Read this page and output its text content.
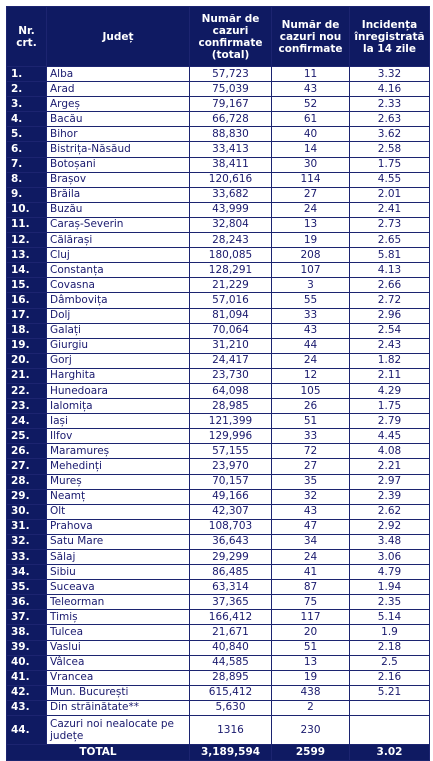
Nr. crt.	Județ	Număr de cazuri confirmate (total)	Număr de cazuri nou confirmate	Incidența înregistrată la 14 zile
1.	Alba	57,723	11	3.32
2.	Arad	75,039	43	4.16
3.	Argeș	79,167	52	2.33
4.	Bacău	66,728	61	2.63
5.	Bihor	88,830	40	3.62
6.	Bistrița-Năsăud	33,413	14	2.58
7.	Botoșani	38,411	30	1.75
8.	Brașov	120,616	114	4.55
9.	Brăila	33,682	27	2.01
10.	Buzău	43,999	24	2.41
11.	Caraș-Severin	32,804	13	2.73
12.	Călărași	28,243	19	2.65
13.	Cluj	180,085	208	5.81
14.	Constanța	128,291	107	4.13
15.	Covasna	21,229	3	2.66
16.	Dâmbovița	57,016	55	2.72
17.	Dolj	81,094	33	2.96
18.	Galați	70,064	43	2.54
19.	Giurgiu	31,210	44	2.43
20.	Gorj	24,417	24	1.82
21.	Harghita	23,730	12	2.11
22.	Hunedoara	64,098	105	4.29
23.	Ialomița	28,985	26	1.75
24.	Iași	121,399	51	2.79
25.	Ilfov	129,996	33	4.45
26.	Maramureș	57,155	72	4.08
27.	Mehedinți	23,970	27	2.21
28.	Mureș	70,157	35	2.97
29.	Neamț	49,166	32	2.39
30.	Olt	42,307	43	2.62
31.	Prahova	108,703	47	2.92
32.	Satu Mare	36,643	34	3.48
33.	Sălaj	29,299	24	3.06
34.	Sibiu	86,485	41	4.79
35.	Suceava	63,314	87	1.94
36.	Teleorman	37,365	75	2.35
37.	Timiș	166,412	117	5.14
38.	Tulcea	21,671	20	1.9
39.	Vaslui	40,840	51	2.18
40.	Vâlcea	44,585	13	2.5
41.	Vrancea	28,895	19	2.16
42.	Mun. București	615,412	438	5.21
43.	Din străinătate**	5,630	2	
44.	Cazuri noi nealocate pe județe	1316	230	
TOTAL		3,189,594	2599	3.02
